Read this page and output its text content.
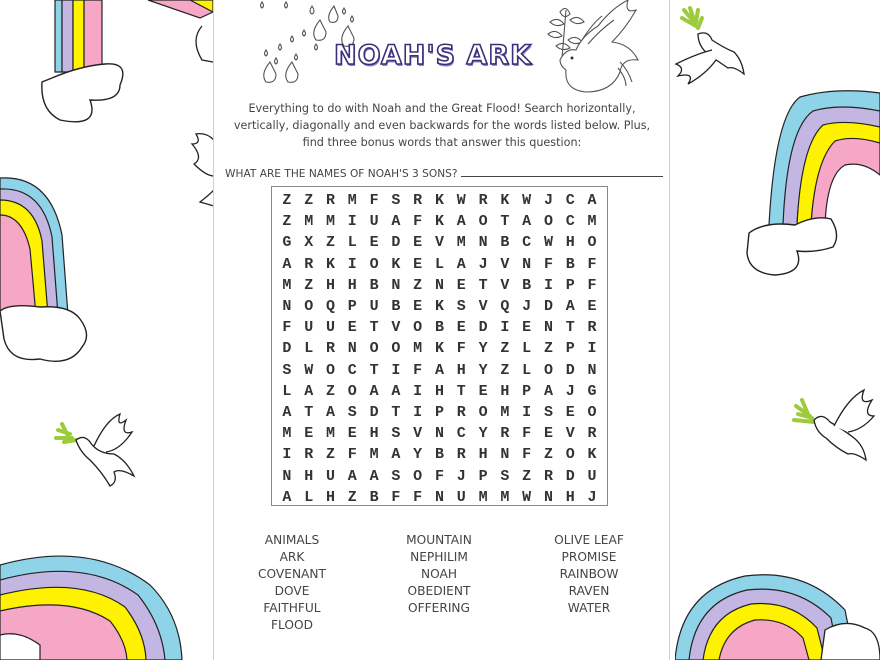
NOAH'S ARK
Everything to do with Noah and the Great Flood! Search horizontally, vertically, diagonally and even backwards for the words listed below. Plus, find three bonus words that answer this question:
WHAT ARE THE NAMES OF NOAH'S 3 SONS?
Z Z R M F S R K W R K W J C A
Z M M I U A F K A O T A O C M
G X Z L E D E V M N B C W H O
A R K I O K E L A J V N F B F
M Z H H B N Z N E T V B I P F
N O Q P U B E K S V Q J D A E
F U U E T V O B E D I E N T R
D L R N O O M K F Y Z L Z P I
S W O C T I F A H Y Z L O D N
L A Z O A A I H T E H P A J G
A T A S D T I P R O M I S E O
M E M E H S V N C Y R F E V R
I R Z F M A Y B R H N F Z O K
N H U A A S O F J P S Z R D U
A L H Z B F F N U M M W N H J
ANIMALS
ARK
COVENANT
DOVE
FAITHFUL
FLOOD
MOUNTAIN
NEPHILIM
NOAH
OBEDIENT
OFFERING
OLIVE LEAF
PROMISE
RAINBOW
RAVEN
WATER
